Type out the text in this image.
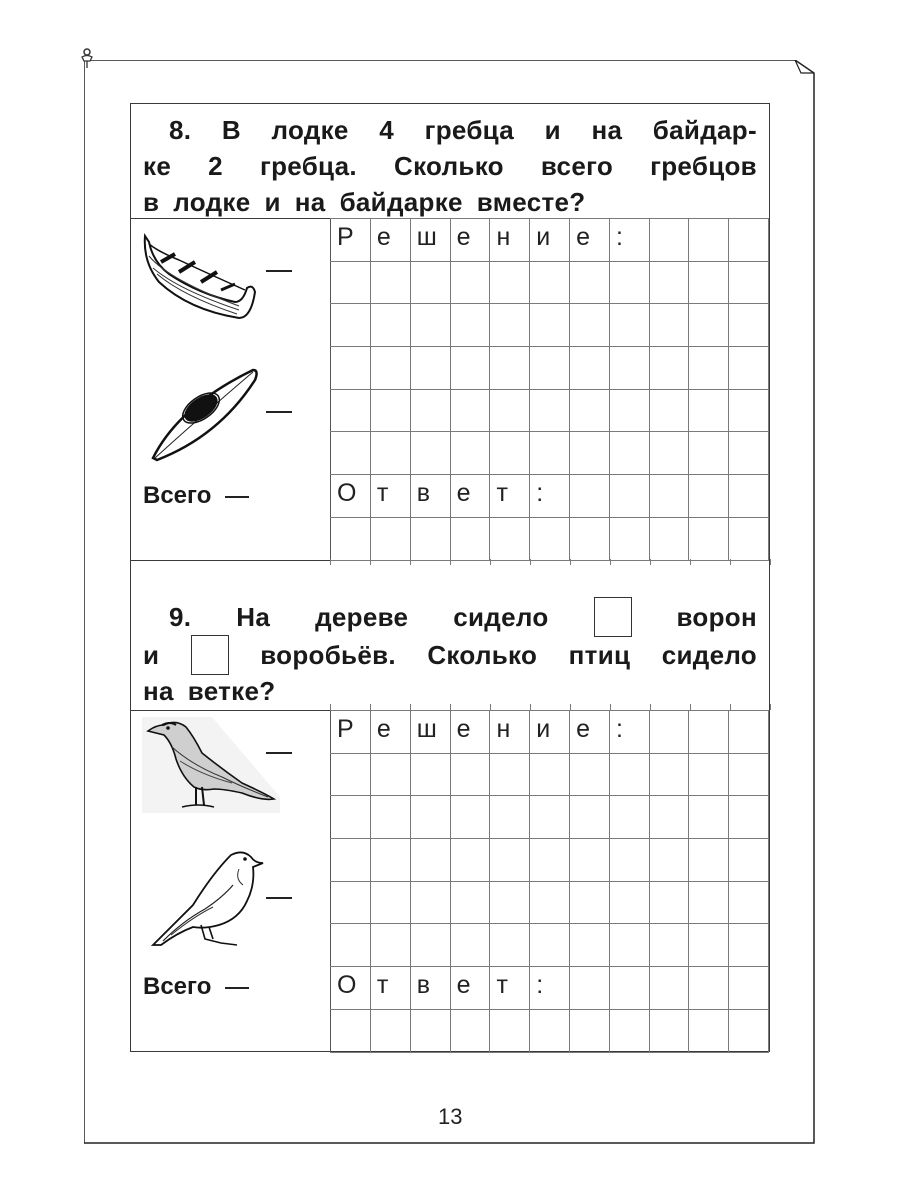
8. В лодке 4 гребца и на байдар-
ке 2 гребца. Сколько всего гребцов
в лодке и на байдарке вместе?
Всего
Р	е	ш	е	н	и	е	:			

О	т	в	е	т	:					

9. На дереве сидело	ворон
и	воробьёв. Сколько птиц сидело
на ветке?
Всего
Р	е	ш	е	н	и	е	:			

О	т	в	е	т	:					

13
